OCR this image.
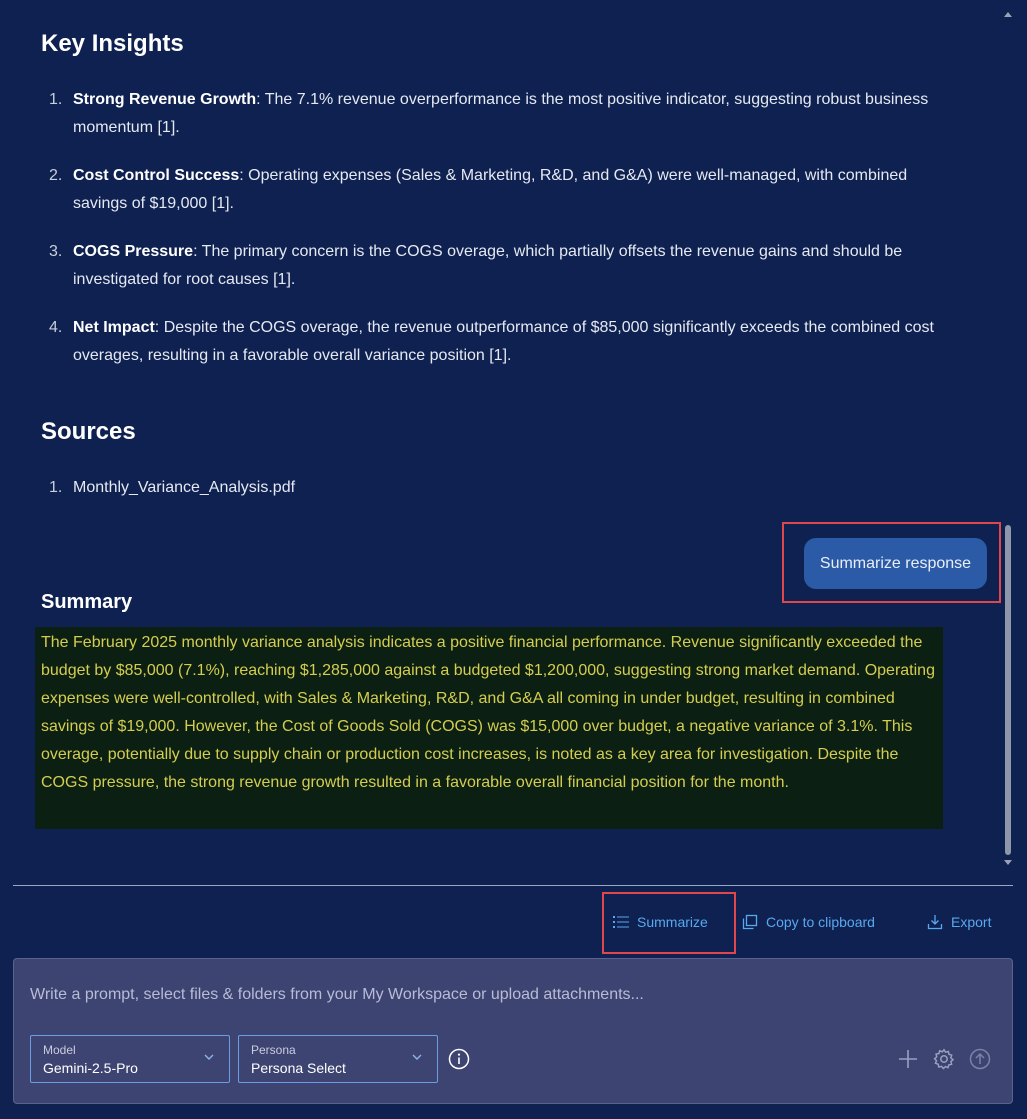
Key Insights
1. Strong Revenue Growth: The 7.1% revenue overperformance is the most positive indicator, suggesting robust business momentum [1].
2. Cost Control Success: Operating expenses (Sales & Marketing, R&D, and G&A) were well-managed, with combined savings of $19,000 [1].
3. COGS Pressure: The primary concern is the COGS overage, which partially offsets the revenue gains and should be investigated for root causes [1].
4. Net Impact: Despite the COGS overage, the revenue outperformance of $85,000 significantly exceeds the combined cost overages, resulting in a favorable overall variance position [1].
Sources
1. Monthly_Variance_Analysis.pdf
Summarize response
Summary
The February 2025 monthly variance analysis indicates a positive financial performance. Revenue significantly exceeded the budget by $85,000 (7.1%), reaching $1,285,000 against a budgeted $1,200,000, suggesting strong market demand. Operating expenses were well-controlled, with Sales & Marketing, R&D, and G&A all coming in under budget, resulting in combined savings of $19,000. However, the Cost of Goods Sold (COGS) was $15,000 over budget, a negative variance of 3.1%. This overage, potentially due to supply chain or production cost increases, is noted as a key area for investigation. Despite the COGS pressure, the strong revenue growth resulted in a favorable overall financial position for the month.
Summarize	Copy to clipboard	Export
Write a prompt, select files & folders from your My Workspace or upload attachments...
Model
Gemini-2.5-Pro
Persona
Persona Select
